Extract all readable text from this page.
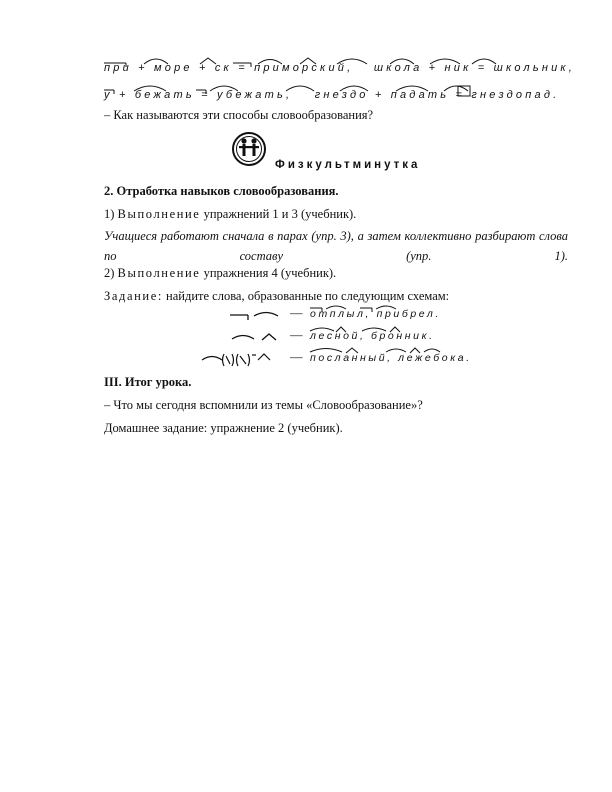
при + море + ск = приморский, школа + ник = школьник,
у + бежать = убежать, гнездо + падать = гнездопад.
– Как называются эти способы словообразования?
Физкультминутка
2. Отработка навыков словообразования.
1) Выполнение упражнений 1 и 3 (учебник).
Учащиеся работают сначала в парах (упр. 3), а затем коллективно разбирают слова по составу (упр. 1).
2) Выполнение упражнения 4 (учебник).
Задание: найдите слова, образованные по следующим схемам:
— отплыл, прибрел.
— лесной, бронник.
— посланный, лежебока.
III. Итог урока.
– Что мы сегодня вспомнили из темы «Словообразование»?
Домашнее задание: упражнение 2 (учебник).
